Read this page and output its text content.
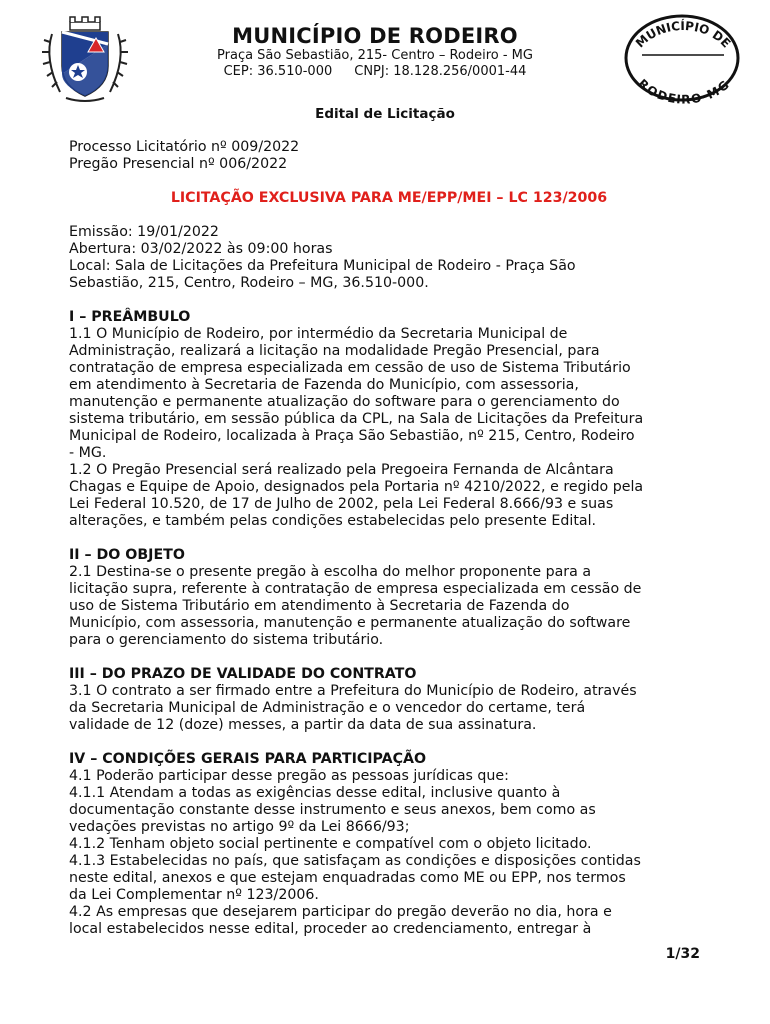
MUNICÍPIO DE RODEIRO
Praça São Sebastião, 215- Centro – Rodeiro - MG
CEP: 36.510-000 CNPJ: 18.128.256/0001-44
MUNICÍPIO DE
RODEIRO-MG
Edital de Licitação

Processo Licitatório nº 009/2022

Pregão Presencial nº 006/2022

LICITAÇÃO EXCLUSIVA PARA ME/EPP/MEI – LC 123/2006

Emissão: 19/01/2022

Abertura: 03/02/2022 às 09:00 horas

Local: Sala de Licitações da Prefeitura Municipal de Rodeiro - Praça São

Sebastião, 215, Centro, Rodeiro – MG, 36.510-000.

I – PREÂMBULO

1.1 O Município de Rodeiro, por intermédio da Secretaria Municipal de

Administração, realizará a licitação na modalidade Pregão Presencial, para

contratação de empresa especializada em cessão de uso de Sistema Tributário

em atendimento à Secretaria de Fazenda do Município, com assessoria,

manutenção e permanente atualização do software para o gerenciamento do

sistema tributário, em sessão pública da CPL, na Sala de Licitações da Prefeitura

Municipal de Rodeiro, localizada à Praça São Sebastião, nº 215, Centro, Rodeiro

- MG.

1.2 O Pregão Presencial será realizado pela Pregoeira Fernanda de Alcântara

Chagas e Equipe de Apoio, designados pela Portaria nº 4210/2022, e regido pela

Lei Federal 10.520, de 17 de Julho de 2002, pela Lei Federal 8.666/93 e suas

alterações, e também pelas condições estabelecidas pelo presente Edital.

II – DO OBJETO

2.1 Destina-se o presente pregão à escolha do melhor proponente para a

licitação supra, referente à contratação de empresa especializada em cessão de

uso de Sistema Tributário em atendimento à Secretaria de Fazenda do

Município, com assessoria, manutenção e permanente atualização do software

para o gerenciamento do sistema tributário.

III – DO PRAZO DE VALIDADE DO CONTRATO

3.1 O contrato a ser firmado entre a Prefeitura do Município de Rodeiro, através

da Secretaria Municipal de Administração e o vencedor do certame, terá

validade de 12 (doze) messes, a partir da data de sua assinatura.

IV – CONDIÇÕES GERAIS PARA PARTICIPAÇÃO

4.1 Poderão participar desse pregão as pessoas jurídicas que:

4.1.1 Atendam a todas as exigências desse edital, inclusive quanto à

documentação constante desse instrumento e seus anexos, bem como as

vedações previstas no artigo 9º da Lei 8666/93;

4.1.2 Tenham objeto social pertinente e compatível com o objeto licitado.

4.1.3 Estabelecidas no país, que satisfaçam as condições e disposições contidas

neste edital, anexos e que estejam enquadradas como ME ou EPP, nos termos

da Lei Complementar nº 123/2006.

4.2 As empresas que desejarem participar do pregão deverão no dia, hora e

local estabelecidos nesse edital, proceder ao credenciamento, entregar à

1/32
